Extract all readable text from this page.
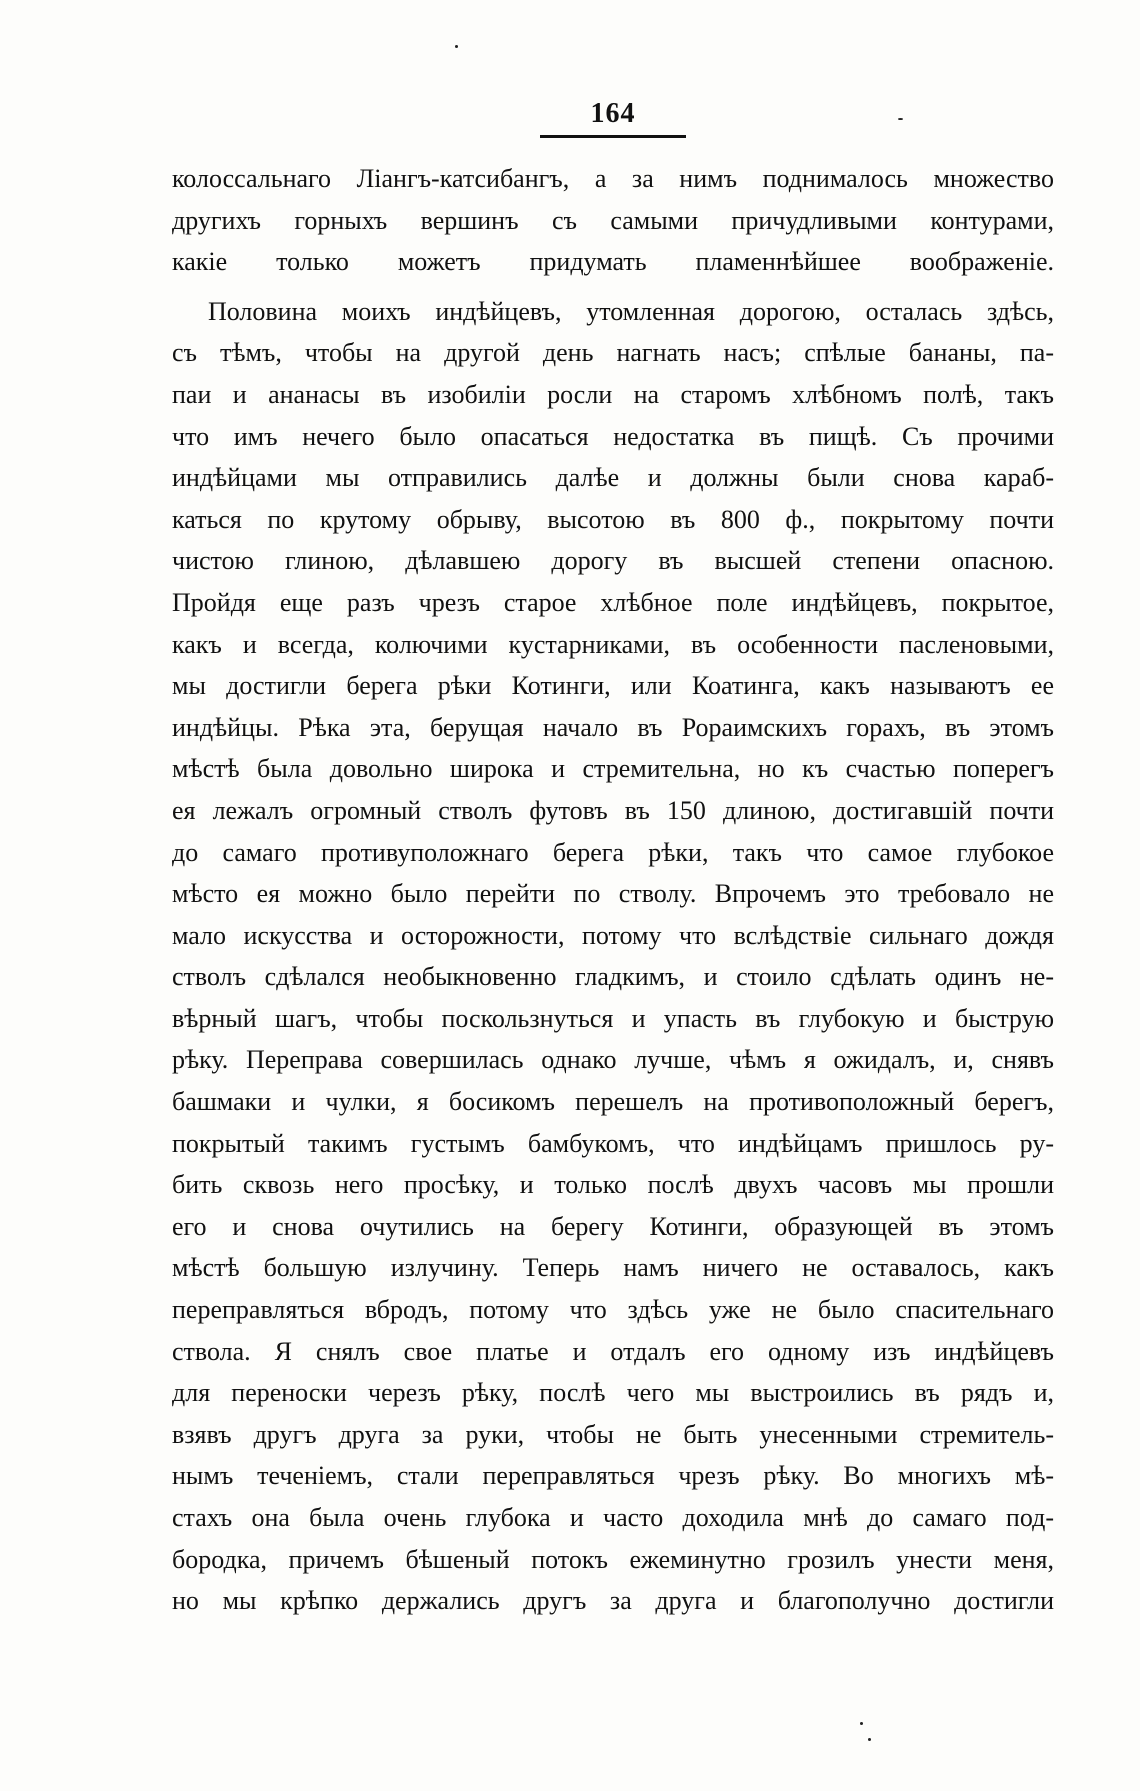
164
колоссальнаго Ліангъ-катсибангъ, а за нимъ поднималось множество
другихъ горныхъ вершинъ съ самыми причудливыми контурами,
какіе только можетъ придумать пламеннѣйшее воображеніе.
Половина моихъ индѣйцевъ, утомленная дорогою, осталась здѣсь,
съ тѣмъ, чтобы на другой день нагнать насъ; спѣлые бананы, па-
паи и ананасы въ изобиліи росли на старомъ хлѣбномъ полѣ, такъ
что имъ нечего было опасаться недостатка въ пищѣ. Съ прочими
индѣйцами мы отправились далѣе и должны были снова караб-
каться по крутому обрыву, высотою въ 800 ф., покрытому почти
чистою глиною, дѣлавшею дорогу въ высшей степени опасною.
Пройдя еще разъ чрезъ старое хлѣбное поле индѣйцевъ, покрытое,
какъ и всегда, колючими кустарниками, въ особенности пасленовыми,
мы достигли берега рѣки Котинги, или Коатинга, какъ называютъ ее
индѣйцы. Рѣка эта, берущая начало въ Рораимскихъ горахъ, въ этомъ
мѣстѣ была довольно широка и стремительна, но къ счастью поперегъ
ея лежалъ огромный стволъ футовъ въ 150 длиною, достигавшій почти
до самаго противуположнаго берега рѣки, такъ что самое глубокое
мѣсто ея можно было перейти по стволу. Впрочемъ это требовало не
мало искусства и осторожности, потому что вслѣдствіе сильнаго дождя
стволъ сдѣлался необыкновенно гладкимъ, и стоило сдѣлать одинъ не-
вѣрный шагъ, чтобы поскользнуться и упасть въ глубокую и быструю
рѣку. Переправа совершилась однако лучше, чѣмъ я ожидалъ, и, снявъ
башмаки и чулки, я босикомъ перешелъ на противоположный берегъ,
покрытый такимъ густымъ бамбукомъ, что индѣйцамъ пришлось ру-
бить сквозь него просѣку, и только послѣ двухъ часовъ мы прошли
его и снова очутились на берегу Котинги, образующей въ этомъ
мѣстѣ большую излучину. Теперь намъ ничего не оставалось, какъ
переправляться вбродъ, потому что здѣсь уже не было спасительнаго
ствола. Я снялъ свое платье и отдалъ его одному изъ индѣйцевъ
для переноски черезъ рѣку, послѣ чего мы выстроились въ рядъ и,
взявъ другъ друга за руки, чтобы не быть унесенными стремитель-
нымъ теченіемъ, стали переправляться чрезъ рѣку. Во многихъ мѣ-
стахъ она была очень глубока и часто доходила мнѣ до самаго под-
бородка, причемъ бѣшеный потокъ ежеминутно грозилъ унести меня,
но мы крѣпко держались другъ за друга и благополучно достигли
